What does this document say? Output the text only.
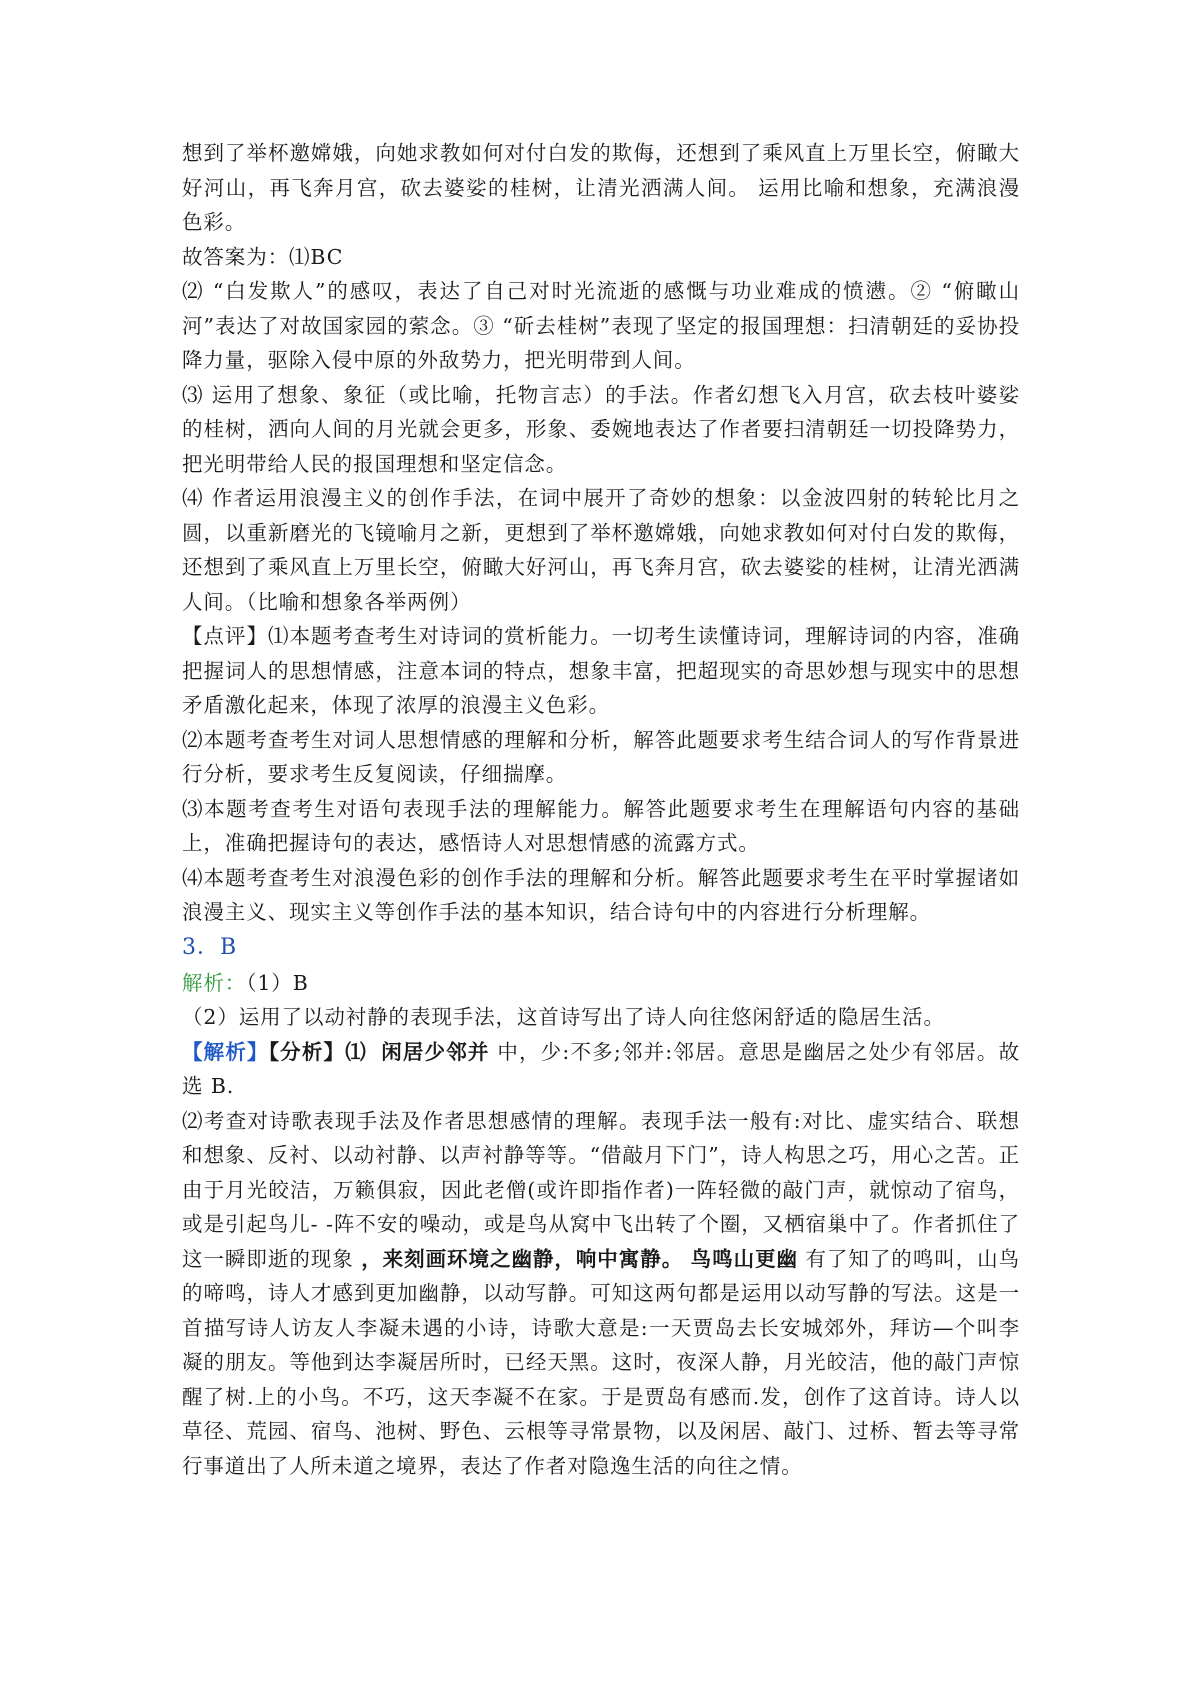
想到了举杯邀嫦娥，向她求教如何对付白发的欺侮，还想到了乘风直上万里长空，俯瞰大好河山，再飞奔月宫，砍去婆娑的桂树，让清光洒满人间。 运用比喻和想象，充满浪漫色彩。

故答案为：⑴BC

⑵ “白发欺人”的感叹，表达了自己对时光流逝的感慨与功业难成的愤懑。② “俯瞰山河”表达了对故国家园的萦念。③ “斫去桂树”表现了坚定的报国理想：扫清朝廷的妥协投降力量，驱除入侵中原的外敌势力，把光明带到人间。

⑶ 运用了想象、象征（或比喻，托物言志）的手法。作者幻想飞入月宫，砍去枝叶婆娑的桂树，洒向人间的月光就会更多，形象、委婉地表达了作者要扫清朝廷一切投降势力，把光明带给人民的报国理想和坚定信念。

⑷ 作者运用浪漫主义的创作手法，在词中展开了奇妙的想象：以金波四射的转轮比月之圆，以重新磨光的飞镜喻月之新，更想到了举杯邀嫦娥，向她求教如何对付白发的欺侮，还想到了乘风直上万里长空，俯瞰大好河山，再飞奔月宫，砍去婆娑的桂树，让清光洒满人间。（比喻和想象各举两例）

【点评】⑴本题考查考生对诗词的赏析能力。一切考生读懂诗词，理解诗词的内容，准确把握词人的思想情感，注意本词的特点，想象丰富，把超现实的奇思妙想与现实中的思想矛盾激化起来，体现了浓厚的浪漫主义色彩。

⑵本题考查考生对词人思想情感的理解和分析，解答此题要求考生结合词人的写作背景进行分析，要求考生反复阅读，仔细揣摩。

⑶本题考查考生对语句表现手法的理解能力。解答此题要求考生在理解语句内容的基础上，准确把握诗句的表达，感悟诗人对思想情感的流露方式。

⑷本题考查考生对浪漫色彩的创作手法的理解和分析。解答此题要求考生在平时掌握诸如浪漫主义、现实主义等创作手法的基本知识，结合诗句中的内容进行分析理解。

3．B

解析：（1）B

（2）运用了以动衬静的表现手法，这首诗写出了诗人向往悠闲舒适的隐居生活。

【解析】【分析】⑴ 闲居少邻并 中，少:不多;邻并:邻居。意思是幽居之处少有邻居。故选 B.

⑵考查对诗歌表现手法及作者思想感情的理解。表现手法一般有:对比、虚实结合、联想和想象、反衬、以动衬静、以声衬静等等。“借敲月下门”，诗人构思之巧，用心之苦。正由于月光皎洁，万籁俱寂，因此老僧(或许即指作者)一阵轻微的敲门声，就惊动了宿鸟，或是引起鸟儿- -阵不安的噪动，或是鸟从窝中飞出转了个圈，又栖宿巢中了。作者抓住了这一瞬即逝的现象 ，来刻画环境之幽静，响中寓静。 鸟鸣山更幽 有了知了的鸣叫，山鸟的啼鸣，诗人才感到更加幽静，以动写静。可知这两句都是运用以动写静的写法。这是一首描写诗人访友人李凝未遇的小诗，诗歌大意是:一天贾岛去长安城郊外，拜访—个叫李凝的朋友。等他到达李凝居所时，已经天黑。这时，夜深人静，月光皎洁，他的敲门声惊醒了树.上的小鸟。不巧，这天李凝不在家。于是贾岛有感而.发，创作了这首诗。诗人以草径、荒园、宿鸟、池树、野色、云根等寻常景物，以及闲居、敲门、过桥、暂去等寻常行事道出了人所未道之境界，表达了作者对隐逸生活的向往之情。
